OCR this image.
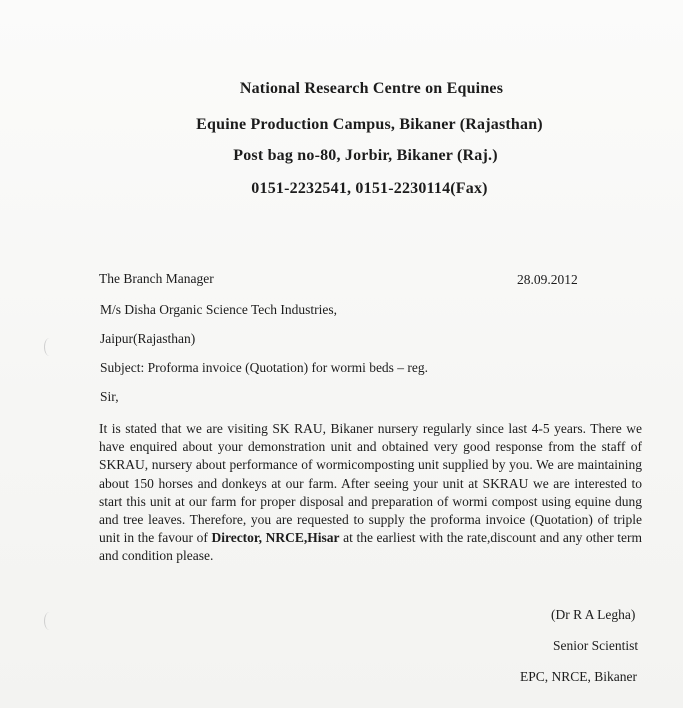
National Research Centre on Equines
Equine Production Campus, Bikaner (Rajasthan)
Post bag no-80, Jorbir, Bikaner (Raj.)
0151-2232541, 0151-2230114(Fax)
The Branch Manager	28.09.2012
M/s Disha Organic Science Tech Industries,
Jaipur(Rajasthan)
Subject: Proforma invoice (Quotation) for wormi beds – reg.
Sir,
It is stated that we are visiting SK RAU, Bikaner nursery regularly since last 4-5 years. There we have enquired about your demonstration unit and obtained very good response from the staff of SKRAU, nursery about performance of wormicomposting unit supplied by you. We are maintaining about 150 horses and donkeys at our farm. After seeing your unit at SKRAU we are interested to start this unit at our farm for proper disposal and preparation of wormi compost using equine dung and tree leaves. Therefore, you are requested to supply the proforma invoice (Quotation) of triple unit in the favour of Director, NRCE,Hisar at the earliest with the rate,discount and any other term and condition please.
(Dr R A Legha)
Senior Scientist
EPC, NRCE, Bikaner
